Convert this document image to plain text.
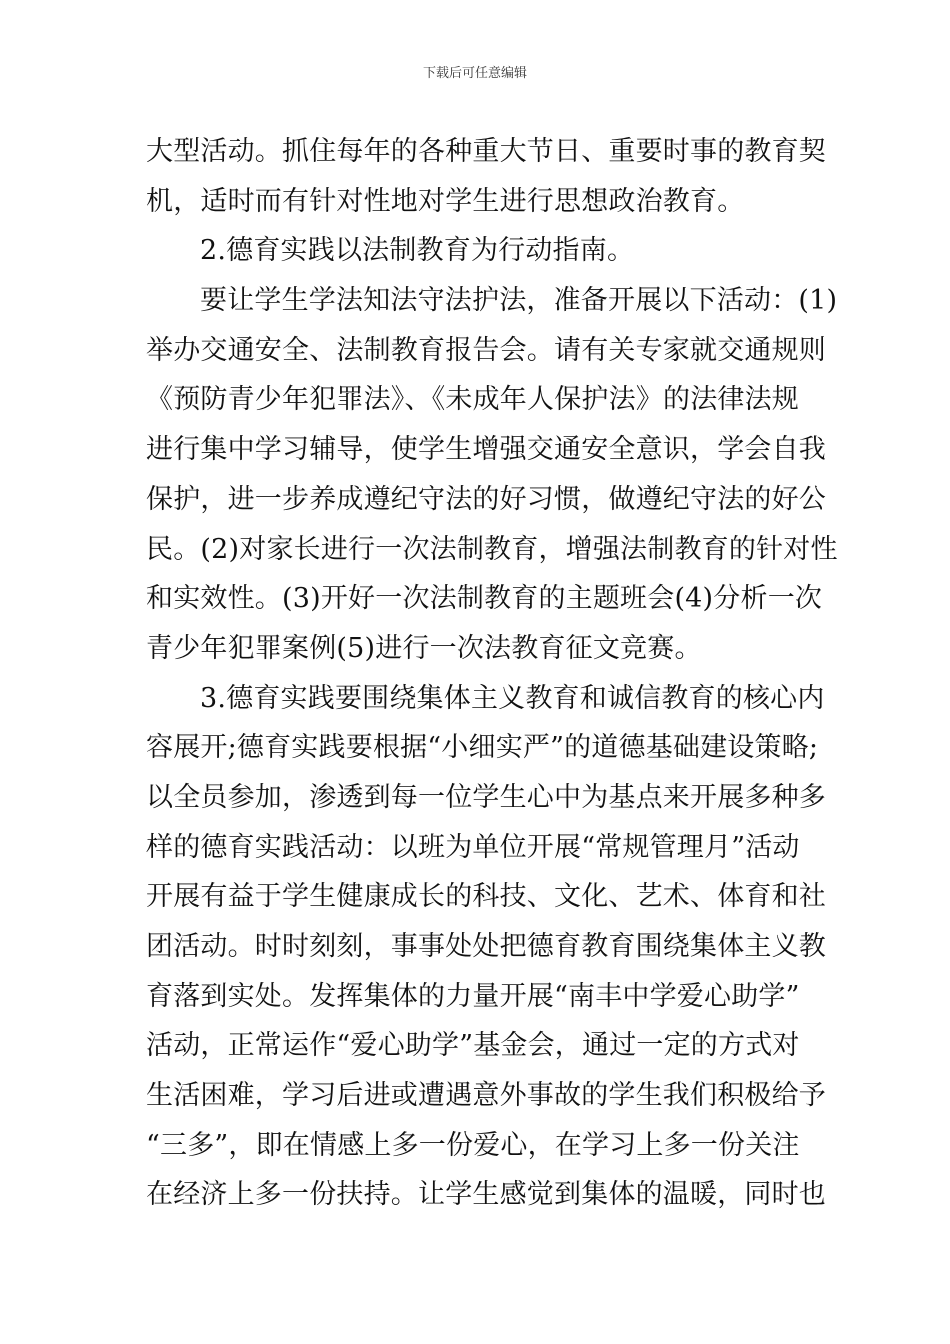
下载后可任意编辑
大型活动。抓住每年的各种重大节日、重要时事的教育契
机，适时而有针对性地对学生进行思想政治教育。
2.德育实践以法制教育为行动指南。
要让学生学法知法守法护法，准备开展以下活动：(1)
举办交通安全、法制教育报告会。请有关专家就交通规则
《预防青少年犯罪法》、《未成年人保护法》的法律法规
进行集中学习辅导，使学生增强交通安全意识，学会自我
保护，进一步养成遵纪守法的好习惯，做遵纪守法的好公
民。(2)对家长进行一次法制教育，增强法制教育的针对性
和实效性。(3)开好一次法制教育的主题班会(4)分析一次
青少年犯罪案例(5)进行一次法教育征文竞赛。
3.德育实践要围绕集体主义教育和诚信教育的核心内
容展开;德育实践要根据“小细实严”的道德基础建设策略;
以全员参加，渗透到每一位学生心中为基点来开展多种多
样的德育实践活动：以班为单位开展“常规管理月”活动
开展有益于学生健康成长的科技、文化、艺术、体育和社
团活动。时时刻刻，事事处处把德育教育围绕集体主义教
育落到实处。发挥集体的力量开展“南丰中学爱心助学”
活动，正常运作“爱心助学”基金会，通过一定的方式对
生活困难，学习后进或遭遇意外事故的学生我们积极给予
“三多”，即在情感上多一份爱心，在学习上多一份关注
在经济上多一份扶持。让学生感觉到集体的温暖，同时也
